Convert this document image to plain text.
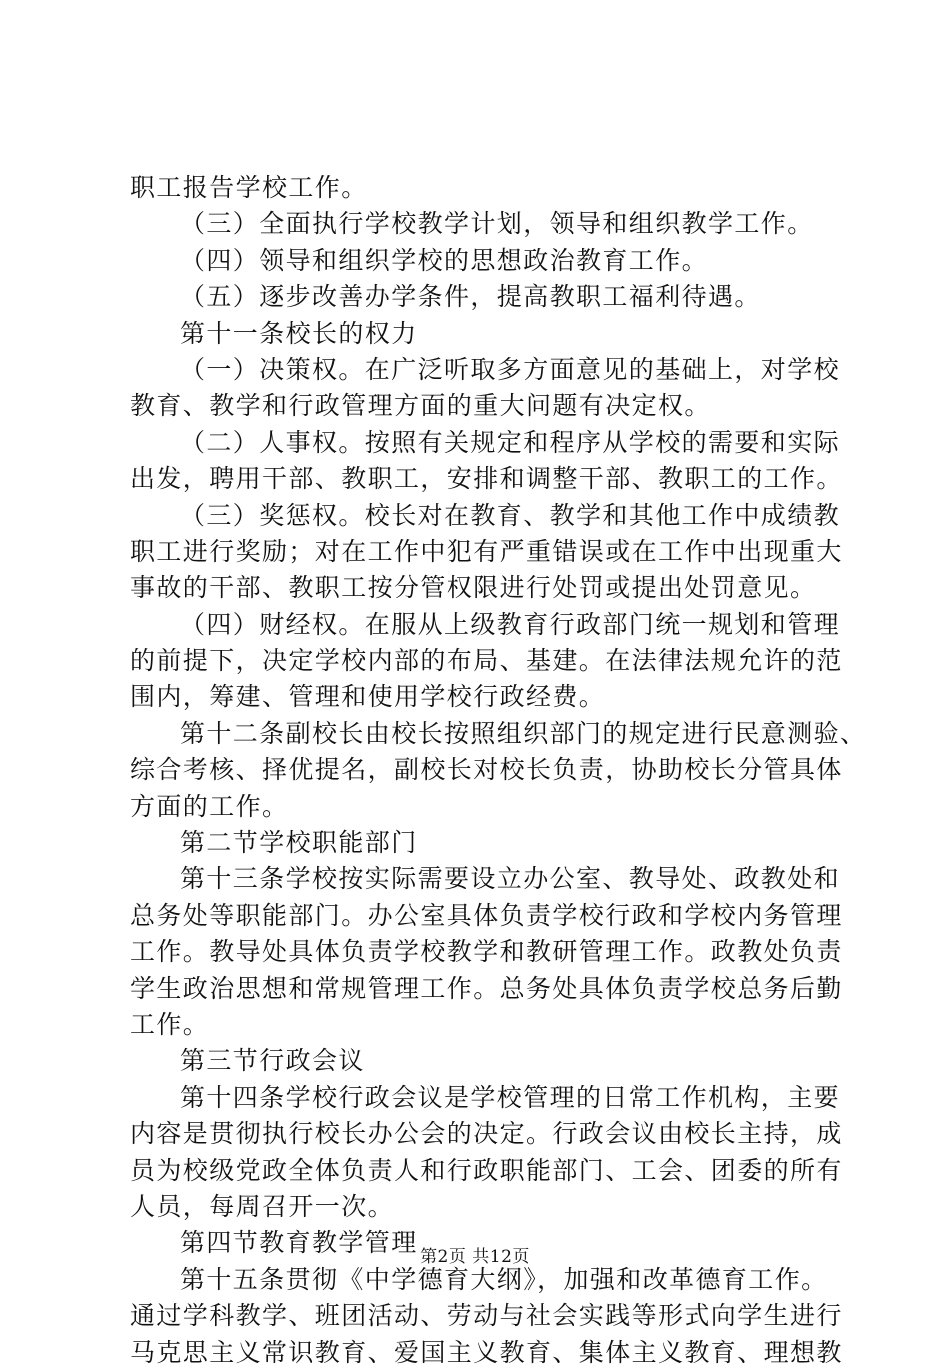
职工报告学校工作。
（三）全面执行学校教学计划，领导和组织教学工作。
（四）领导和组织学校的思想政治教育工作。
（五）逐步改善办学条件，提高教职工福利待遇。
第十一条校长的权力
（一）决策权。在广泛听取多方面意见的基础上，对学校
教育、教学和行政管理方面的重大问题有决定权。
（二）人事权。按照有关规定和程序从学校的需要和实际
出发，聘用干部、教职工，安排和调整干部、教职工的工作。
（三）奖惩权。校长对在教育、教学和其他工作中成绩教
职工进行奖励；对在工作中犯有严重错误或在工作中出现重大
事故的干部、教职工按分管权限进行处罚或提出处罚意见。
（四）财经权。在服从上级教育行政部门统一规划和管理
的前提下，决定学校内部的布局、基建。在法律法规允许的范
围内，筹建、管理和使用学校行政经费。
第十二条副校长由校长按照组织部门的规定进行民意测验、
综合考核、择优提名，副校长对校长负责，协助校长分管具体
方面的工作。
第二节学校职能部门
第十三条学校按实际需要设立办公室、教导处、政教处和
总务处等职能部门。办公室具体负责学校行政和学校内务管理
工作。教导处具体负责学校教学和教研管理工作。政教处负责
学生政治思想和常规管理工作。总务处具体负责学校总务后勤
工作。
第三节行政会议
第十四条学校行政会议是学校管理的日常工作机构，主要
内容是贯彻执行校长办公会的决定。行政会议由校长主持，成
员为校级党政全体负责人和行政职能部门、工会、团委的所有
人员，每周召开一次。
第四节教育教学管理
第十五条贯彻《中学德育大纲》，加强和改革德育工作。
通过学科教学、班团活动、劳动与社会实践等形式向学生进行
马克思主义常识教育、爱国主义教育、集体主义教育、理想教
第2页 共12页
